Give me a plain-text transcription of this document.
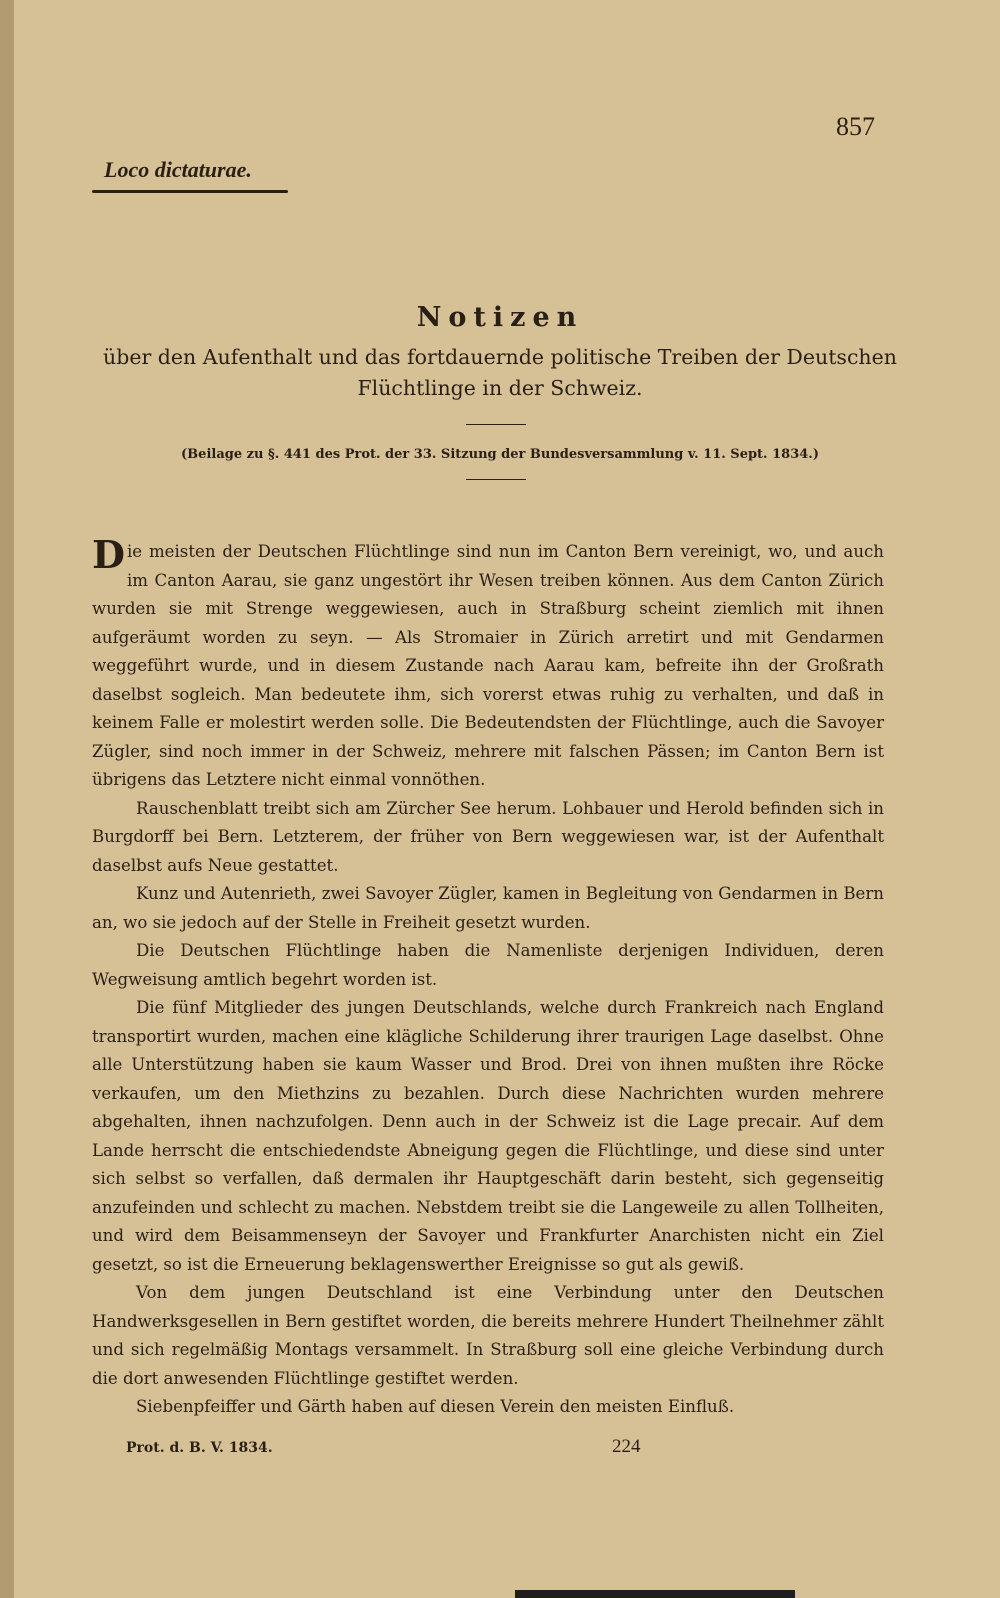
857
Loco dictaturae.
Notizen
über den Aufenthalt und das fortdauernde politische Treiben der Deutschen Flüchtlinge in der Schweiz.
(Beilage zu §. 441 des Prot. der 33. Sitzung der Bundesversammlung v. 11. Sept. 1834.)

Die meisten der Deutschen Flüchtlinge sind nun im Canton Bern vereinigt, wo, und auch im Canton Aarau, sie ganz ungestört ihr Wesen treiben können. Aus dem Canton Zürich wurden sie mit Strenge weggewiesen, auch in Straßburg scheint ziemlich mit ihnen aufgeräumt worden zu seyn. — Als Stromaier in Zürich arretirt und mit Gendarmen weggeführt wurde, und in diesem Zustande nach Aarau kam, befreite ihn der Großrath daselbst sogleich. Man bedeutete ihm, sich vorerst etwas ruhig zu verhalten, und daß in keinem Falle er molestirt werden solle. Die Bedeutendsten der Flüchtlinge, auch die Savoyer Zügler, sind noch immer in der Schweiz, mehrere mit falschen Pässen; im Canton Bern ist übrigens das Letztere nicht einmal vonnöthen.

Rauschenblatt treibt sich am Zürcher See herum. Lohbauer und Herold befinden sich in Burgdorff bei Bern. Letzterem, der früher von Bern weggewiesen war, ist der Aufenthalt daselbst aufs Neue gestattet.

Kunz und Autenrieth, zwei Savoyer Zügler, kamen in Begleitung von Gendarmen in Bern an, wo sie jedoch auf der Stelle in Freiheit gesetzt wurden.

Die Deutschen Flüchtlinge haben die Namenliste derjenigen Individuen, deren Wegweisung amtlich begehrt worden ist.

Die fünf Mitglieder des jungen Deutschlands, welche durch Frankreich nach England transportirt wurden, machen eine klägliche Schilderung ihrer traurigen Lage daselbst. Ohne alle Unterstützung haben sie kaum Wasser und Brod. Drei von ihnen mußten ihre Röcke verkaufen, um den Miethzins zu bezahlen. Durch diese Nachrichten wurden mehrere abgehalten, ihnen nachzufolgen. Denn auch in der Schweiz ist die Lage precair. Auf dem Lande herrscht die entschiedendste Abneigung gegen die Flüchtlinge, und diese sind unter sich selbst so verfallen, daß dermalen ihr Hauptgeschäft darin besteht, sich gegenseitig anzufeinden und schlecht zu machen. Nebstdem treibt sie die Langeweile zu allen Tollheiten, und wird dem Beisammenseyn der Savoyer und Frankfurter Anarchisten nicht ein Ziel gesetzt, so ist die Erneuerung beklagenswerther Ereignisse so gut als gewiß.

Von dem jungen Deutschland ist eine Verbindung unter den Deutschen Handwerksgesellen in Bern gestiftet worden, die bereits mehrere Hundert Theilnehmer zählt und sich regelmäßig Montags versammelt. In Straßburg soll eine gleiche Verbindung durch die dort anwesenden Flüchtlinge gestiftet werden.

Siebenpfeiffer und Gärth haben auf diesen Verein den meisten Einfluß.

Prot. d. B. V. 1834.	224
